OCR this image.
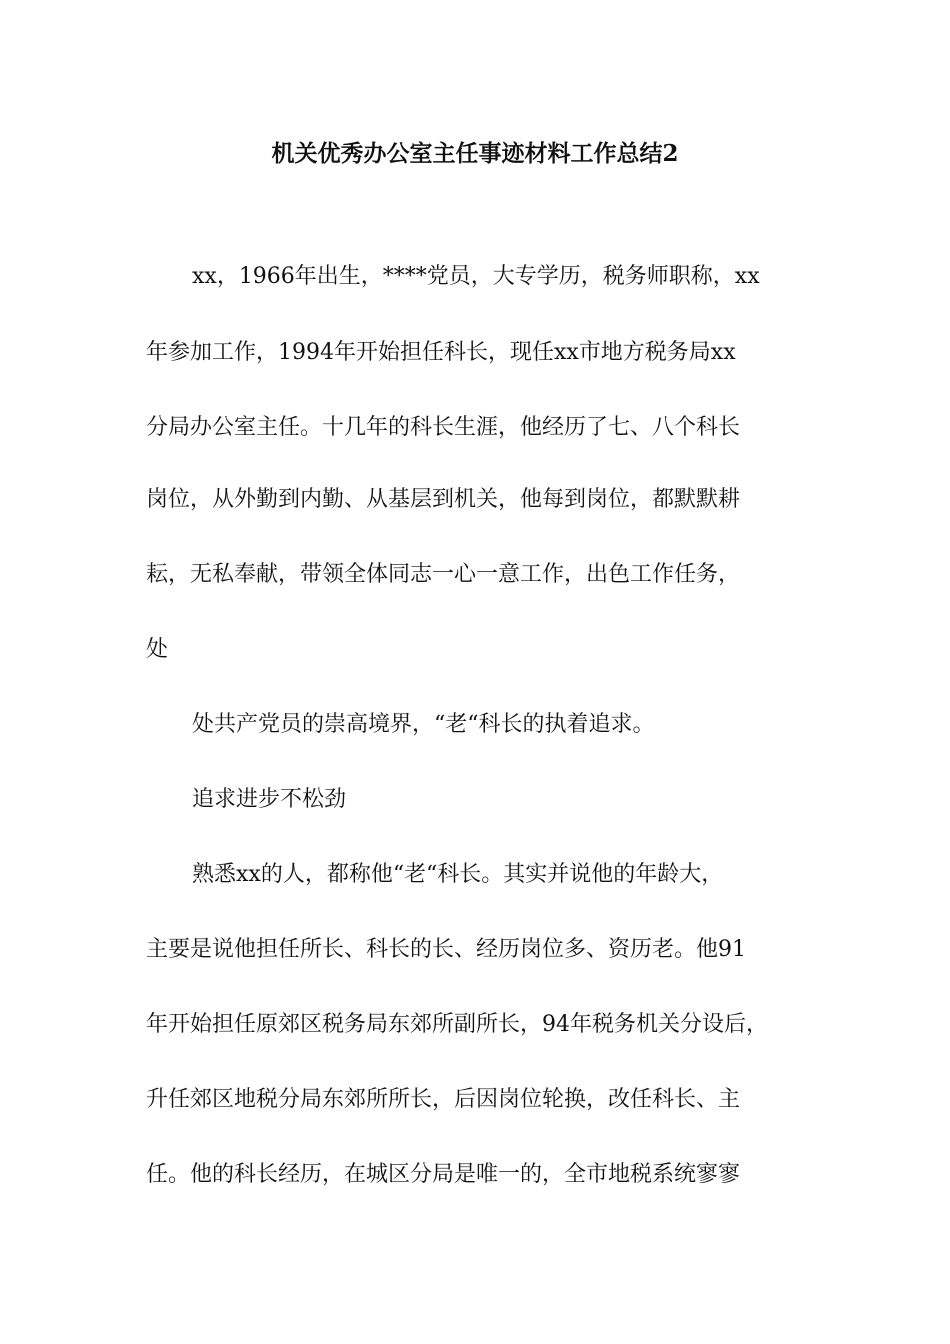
机关优秀办公室主任事迹材料工作总结2

xx，1966年出生，****党员，大专学历，税务师职称，xx

年参加工作，1994年开始担任科长，现任xx市地方税务局xx

分局办公室主任。十几年的科长生涯，他经历了七、八个科长

岗位，从外勤到内勤、从基层到机关，他每到岗位，都默默耕

耘，无私奉献，带领全体同志一心一意工作，出色工作任务，

处

处共产党员的崇高境界，“老“科长的执着追求。

追求进步不松劲

熟悉xx的人，都称他“老“科长。其实并说他的年龄大，

主要是说他担任所长、科长的长、经历岗位多、资历老。他91

年开始担任原郊区税务局东郊所副所长，94年税务机关分设后，

升任郊区地税分局东郊所所长，后因岗位轮换，改任科长、主

任。他的科长经历，在城区分局是唯一的，全市地税系统寥寥
